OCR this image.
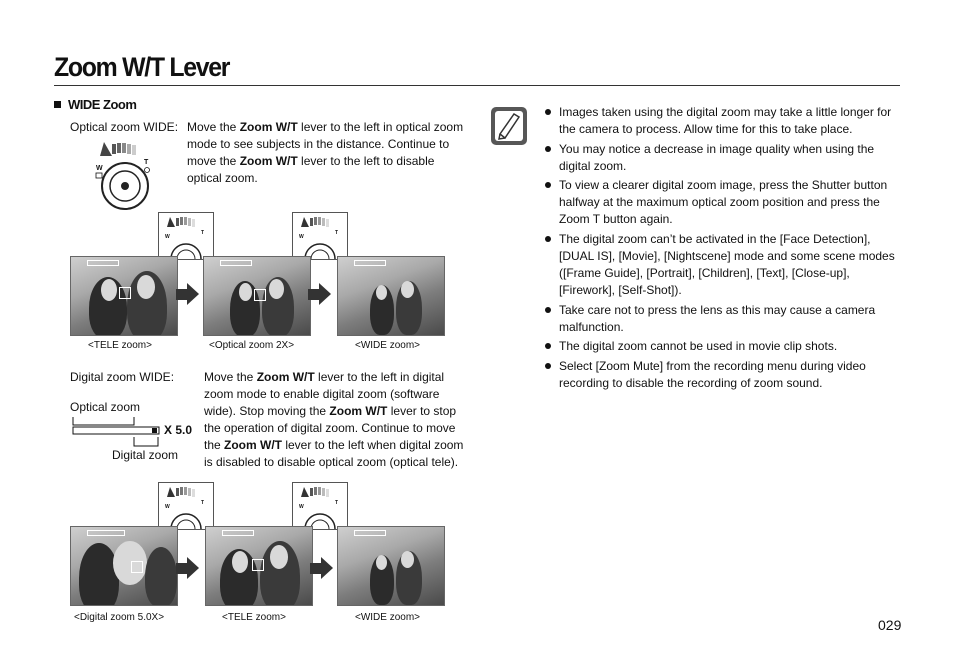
Zoom W/T Lever
WIDE Zoom
Optical zoom WIDE: Move the Zoom W/T lever to the left in optical zoom mode to see subjects in the distance. Continue to move the Zoom W/T lever to the left to disable optical zoom.
W
T
W
T
W
T
<TELE zoom>	<Optical zoom 2X>	<WIDE zoom>
Digital zoom WIDE: Move the Zoom W/T lever to the left in digital zoom mode to enable digital zoom (software wide). Stop moving the Zoom W/T lever to stop the operation of digital zoom. Continue to move the Zoom W/T lever to the left when digital zoom is disabled to disable optical zoom (optical tele).
Optical zoom
X 5.0
Digital zoom
W
T
W
T
<Digital zoom 5.0X>	<TELE zoom>	<WIDE zoom>
Images taken using the digital zoom may take a little longer for the camera to process. Allow time for this to take place.
You may notice a decrease in image quality when using the digital zoom.
To view a clearer digital zoom image, press the Shutter button halfway at the maximum optical zoom position and press the Zoom T button again.
The digital zoom can’t be activated in the [Face Detection], [DUAL IS], [Movie], [Nightscene] mode and some scene modes ([Frame Guide], [Portrait], [Children], [Text], [Close-up], [Firework], [Self-Shot]).
Take care not to press the lens as this may cause a camera malfunction.
The digital zoom cannot be used in movie clip shots.
Select [Zoom Mute] from the recording menu during video recording to disable the recording of zoom sound.
029
